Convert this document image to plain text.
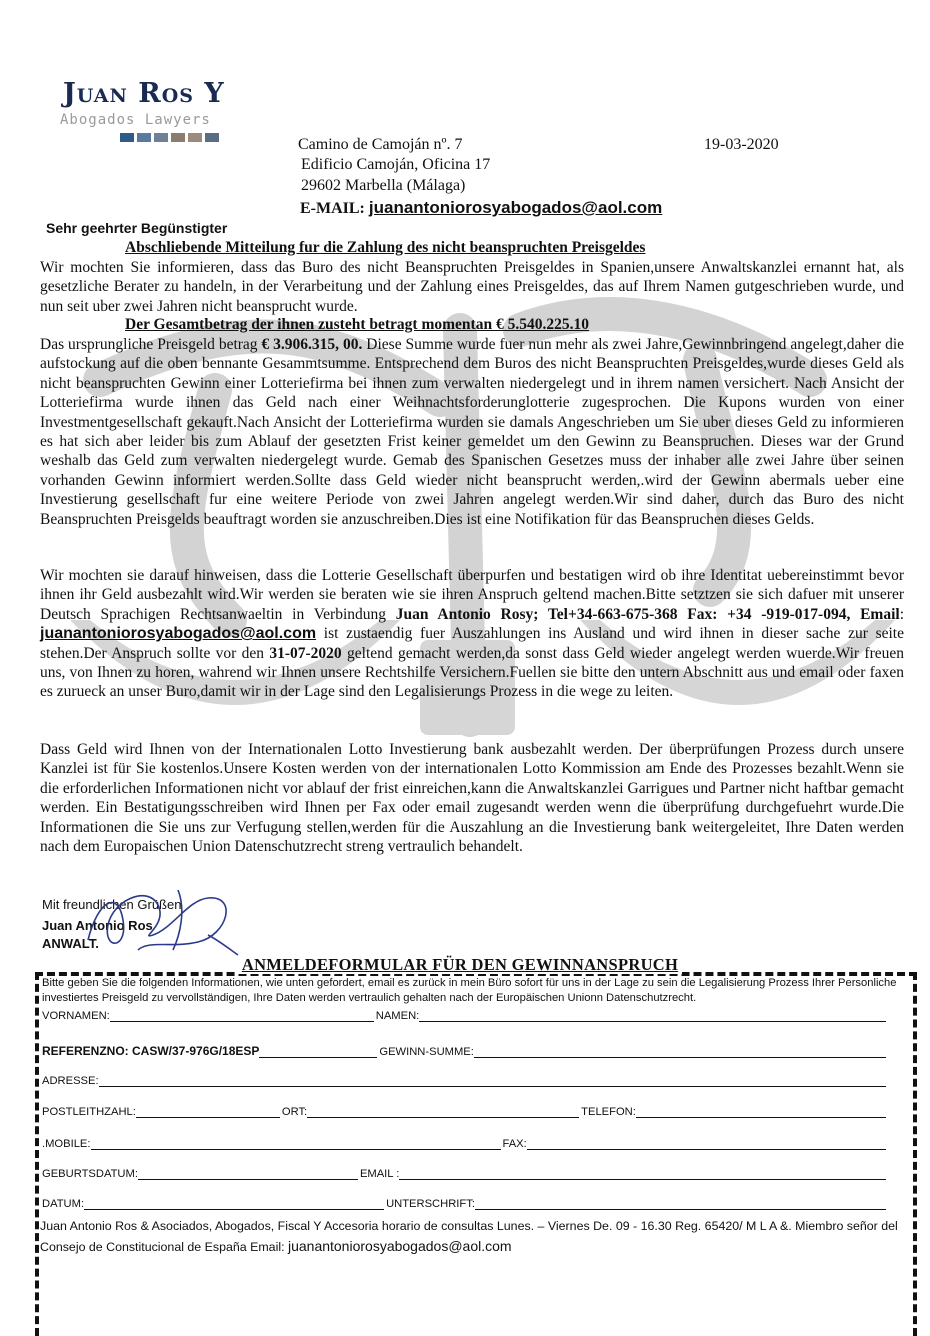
Juan Ros Y
Abogados Lawyers
Camino de Camoján nº. 7
Edificio Camoján, Oficina 17
29602 Marbella (Málaga)
19-03-2020
E-MAIL: juanantoniorosyabogados@aol.com
Sehr geehrter Begünstigter
Abschliebende Mitteilung fur die Zahlung des nicht beanspruchten Preisgeldes
Wir mochten Sie informieren, dass das Buro des nicht Beanspruchten Preisgeldes in Spanien,unsere Anwaltskanzlei ernannt hat, als gesetzliche Berater zu handeln, in der Verarbeitung und der Zahlung eines Preisgeldes, das auf Ihrem Namen gutgeschrieben wurde, und nun seit uber zwei Jahren nicht beansprucht wurde.
Der Gesamtbetrag der ihnen zusteht betragt momentan € 5.540.225.10
Das ursprungliche Preisgeld betrag € 3.906.315, 00. Diese Summe wurde fuer nun mehr als zwei Jahre,Gewinnbringend angelegt,daher die aufstockung auf die oben bennante Gesammtsumme. Entsprechend dem Buros des nicht Beanspruchten Preisgeldes,wurde dieses Geld als nicht beanspruchten Gewinn einer Lotteriefirma bei ihnen zum verwalten niedergelegt und in ihrem namen versichert. Nach Ansicht der Lotteriefirma wurde ihnen das Geld nach einer Weihnachtsforderunglotterie zugesprochen. Die Kupons wurden von einer Investmentgesellschaft gekauft.Nach Ansicht der Lotteriefirma wurden sie damals Angeschrieben um Sie uber dieses Geld zu informieren es hat sich aber leider bis zum Ablauf der gesetzten Frist keiner gemeldet um den Gewinn zu Beanspruchen. Dieses war der Grund weshalb das Geld zum verwalten niedergelegt wurde. Gemab des Spanischen Gesetzes muss der inhaber alle zwei Jahre über seinen vorhanden Gewinn informiert werden.Sollte dass Geld wieder nicht beansprucht werden,.wird der Gewinn abermals ueber eine Investierung gesellschaft fur eine weitere Periode von zwei Jahren angelegt werden.Wir sind daher, durch das Buro des nicht Beanspruchten Preisgelds beauftragt worden sie anzuschreiben.Dies ist eine Notifikation für das Beanspruchen dieses Gelds.
Wir mochten sie darauf hinweisen, dass die Lotterie Gesellschaft überpurfen und bestatigen wird ob ihre Identitat uebereinstimmt bevor ihnen ihr Geld ausbezahlt wird.Wir werden sie beraten wie sie ihren Anspruch geltend machen.Bitte setztzen sie sich dafuer mit unserer Deutsch Sprachigen Rechtsanwaeltin in Verbindung Juan Antonio Rosy; Tel+34-663-675-368 Fax: +34 -919-017-094, Email: juanantoniorosyabogados@aol.com ist zustaendig fuer Auszahlungen ins Ausland und wird ihnen in dieser sache zur seite stehen.Der Anspruch sollte vor den 31-07-2020 geltend gemacht werden,da sonst dass Geld wieder angelegt werden wuerde.Wir freuen uns, von Ihnen zu horen, wahrend wir Ihnen unsere Rechtshilfe Versichern.Fuellen sie bitte den untern Abschnitt aus und email oder faxen es zurueck an unser Buro,damit wir in der Lage sind den Legalisierungs Prozess in die wege zu leiten.
Dass Geld wird Ihnen von der Internationalen Lotto Investierung bank ausbezahlt werden. Der überprüfungen Prozess durch unsere Kanzlei ist für Sie kostenlos.Unsere Kosten werden von der internationalen Lotto Kommission am Ende des Prozesses bezahlt.Wenn sie die erforderlichen Informationen nicht vor ablauf der frist einreichen,kann die Anwaltskanzlei Garrigues und Partner nicht haftbar gemacht werden. Ein Bestatigungsschreiben wird Ihnen per Fax oder email zugesandt werden wenn die überprüfung durchgefuehrt wurde.Die Informationen die Sie uns zur Verfugung stellen,werden für die Auszahlung an die Investierung bank weitergeleitet, Ihre Daten werden nach dem Europaischen Union Datenschutzrecht streng vertraulich behandelt.
Mit freundlichen Grüßen
Juan Antonio Ros
ANWALT.
ANMELDEFORMULAR FÜR DEN GEWINNANSPRUCH
Bitte geben Sie die folgenden Informationen, wie unten gefordert, email es zurück in mein Büro sofort für uns in der Lage zu sein die Legalisierung Prozess Ihrer Personliche investiertes Preisgeld zu vervollständigen, Ihre Daten werden vertraulich gehalten nach der Europäischen Unionn Datenschutzrecht.
VORNAMEN:	NAMEN:
REFERENZNO: CASW/37-976G/18ESP	GEWINN-SUMME:
ADRESSE:
POSTLEITHZAHL:	ORT:	TELEFON:
.MOBILE:	FAX:
GEBURTSDATUM:	EMAIL :
DATUM:	UNTERSCHRIFT:
Juan Antonio Ros & Asociados, Abogados, Fiscal Y Accesoria horario de consultas Lunes. – Viernes De. 09 - 16.30 Reg. 65420/ M L A &. Miembro señor del Consejo de Constitucional de España Email: juanantoniorosyabogados@aol.com
